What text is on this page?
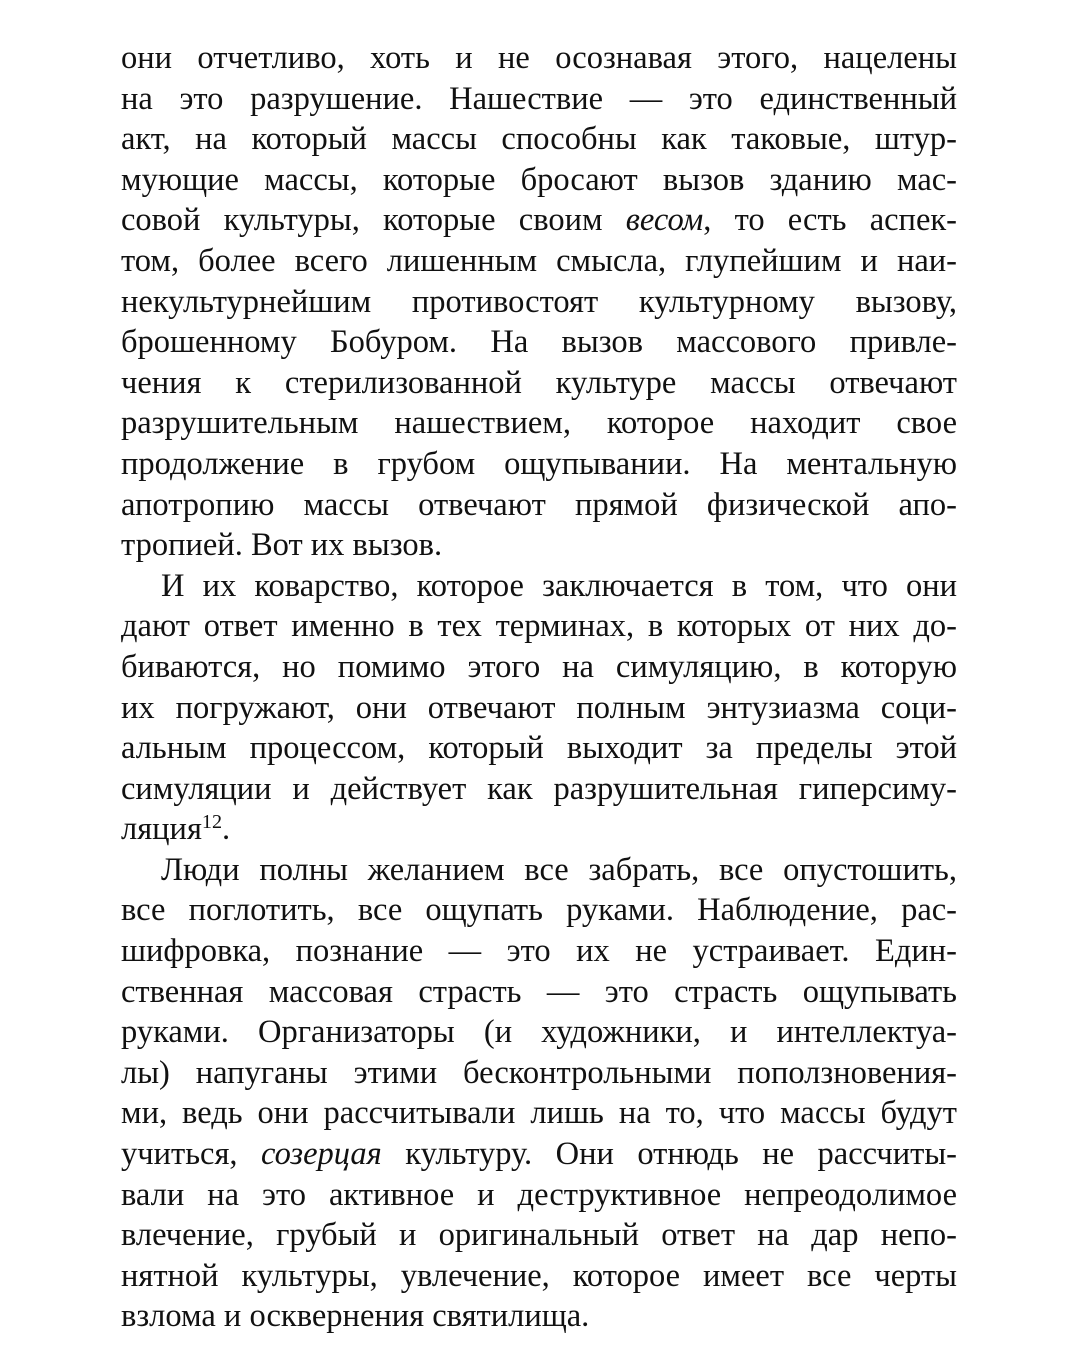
они отчетливо, хоть и не осознавая этого, нацелены
на это разрушение. Нашествие — это единственный
акт, на который массы способны как таковые, штур-
мующие массы, которые бросают вызов зданию мас-
совой культуры, которые своим весом, то есть аспек-
том, более всего лишенным смысла, глупейшим и наи-
некультурнейшим противостоят культурному вызову,
брошенному Бобуром. На вызов массового привле-
чения к стерилизованной культуре массы отвечают
разрушительным нашествием, которое находит свое
продолжение в грубом ощупывании. На ментальную
апотропию массы отвечают прямой физической апо-
тропией. Вот их вызов.
И их коварство, которое заключается в том, что они
дают ответ именно в тех терминах, в которых от них до-
биваются, но помимо этого на симуляцию, в которую
их погружают, они отвечают полным энтузиазма соци-
альным процессом, который выходит за пределы этой
симуляции и действует как разрушительная гиперсиму-
ляция$^{12}$.
Люди полны желанием все забрать, все опустошить,
все поглотить, все ощупать руками. Наблюдение, рас-
шифровка, познание — это их не устраивает. Един-
ственная массовая страсть — это страсть ощупывать
руками. Организаторы (и художники, и интеллектуа-
лы) напуганы этими бесконтрольными поползновения-
ми, ведь они рассчитывали лишь на то, что массы будут
учиться, созерцая культуру. Они отнюдь не рассчиты-
вали на это активное и деструктивное непреодолимое
влечение, грубый и оригинальный ответ на дар непо-
нятной культуры, увлечение, которое имеет все черты
взлома и осквернения святилища.
